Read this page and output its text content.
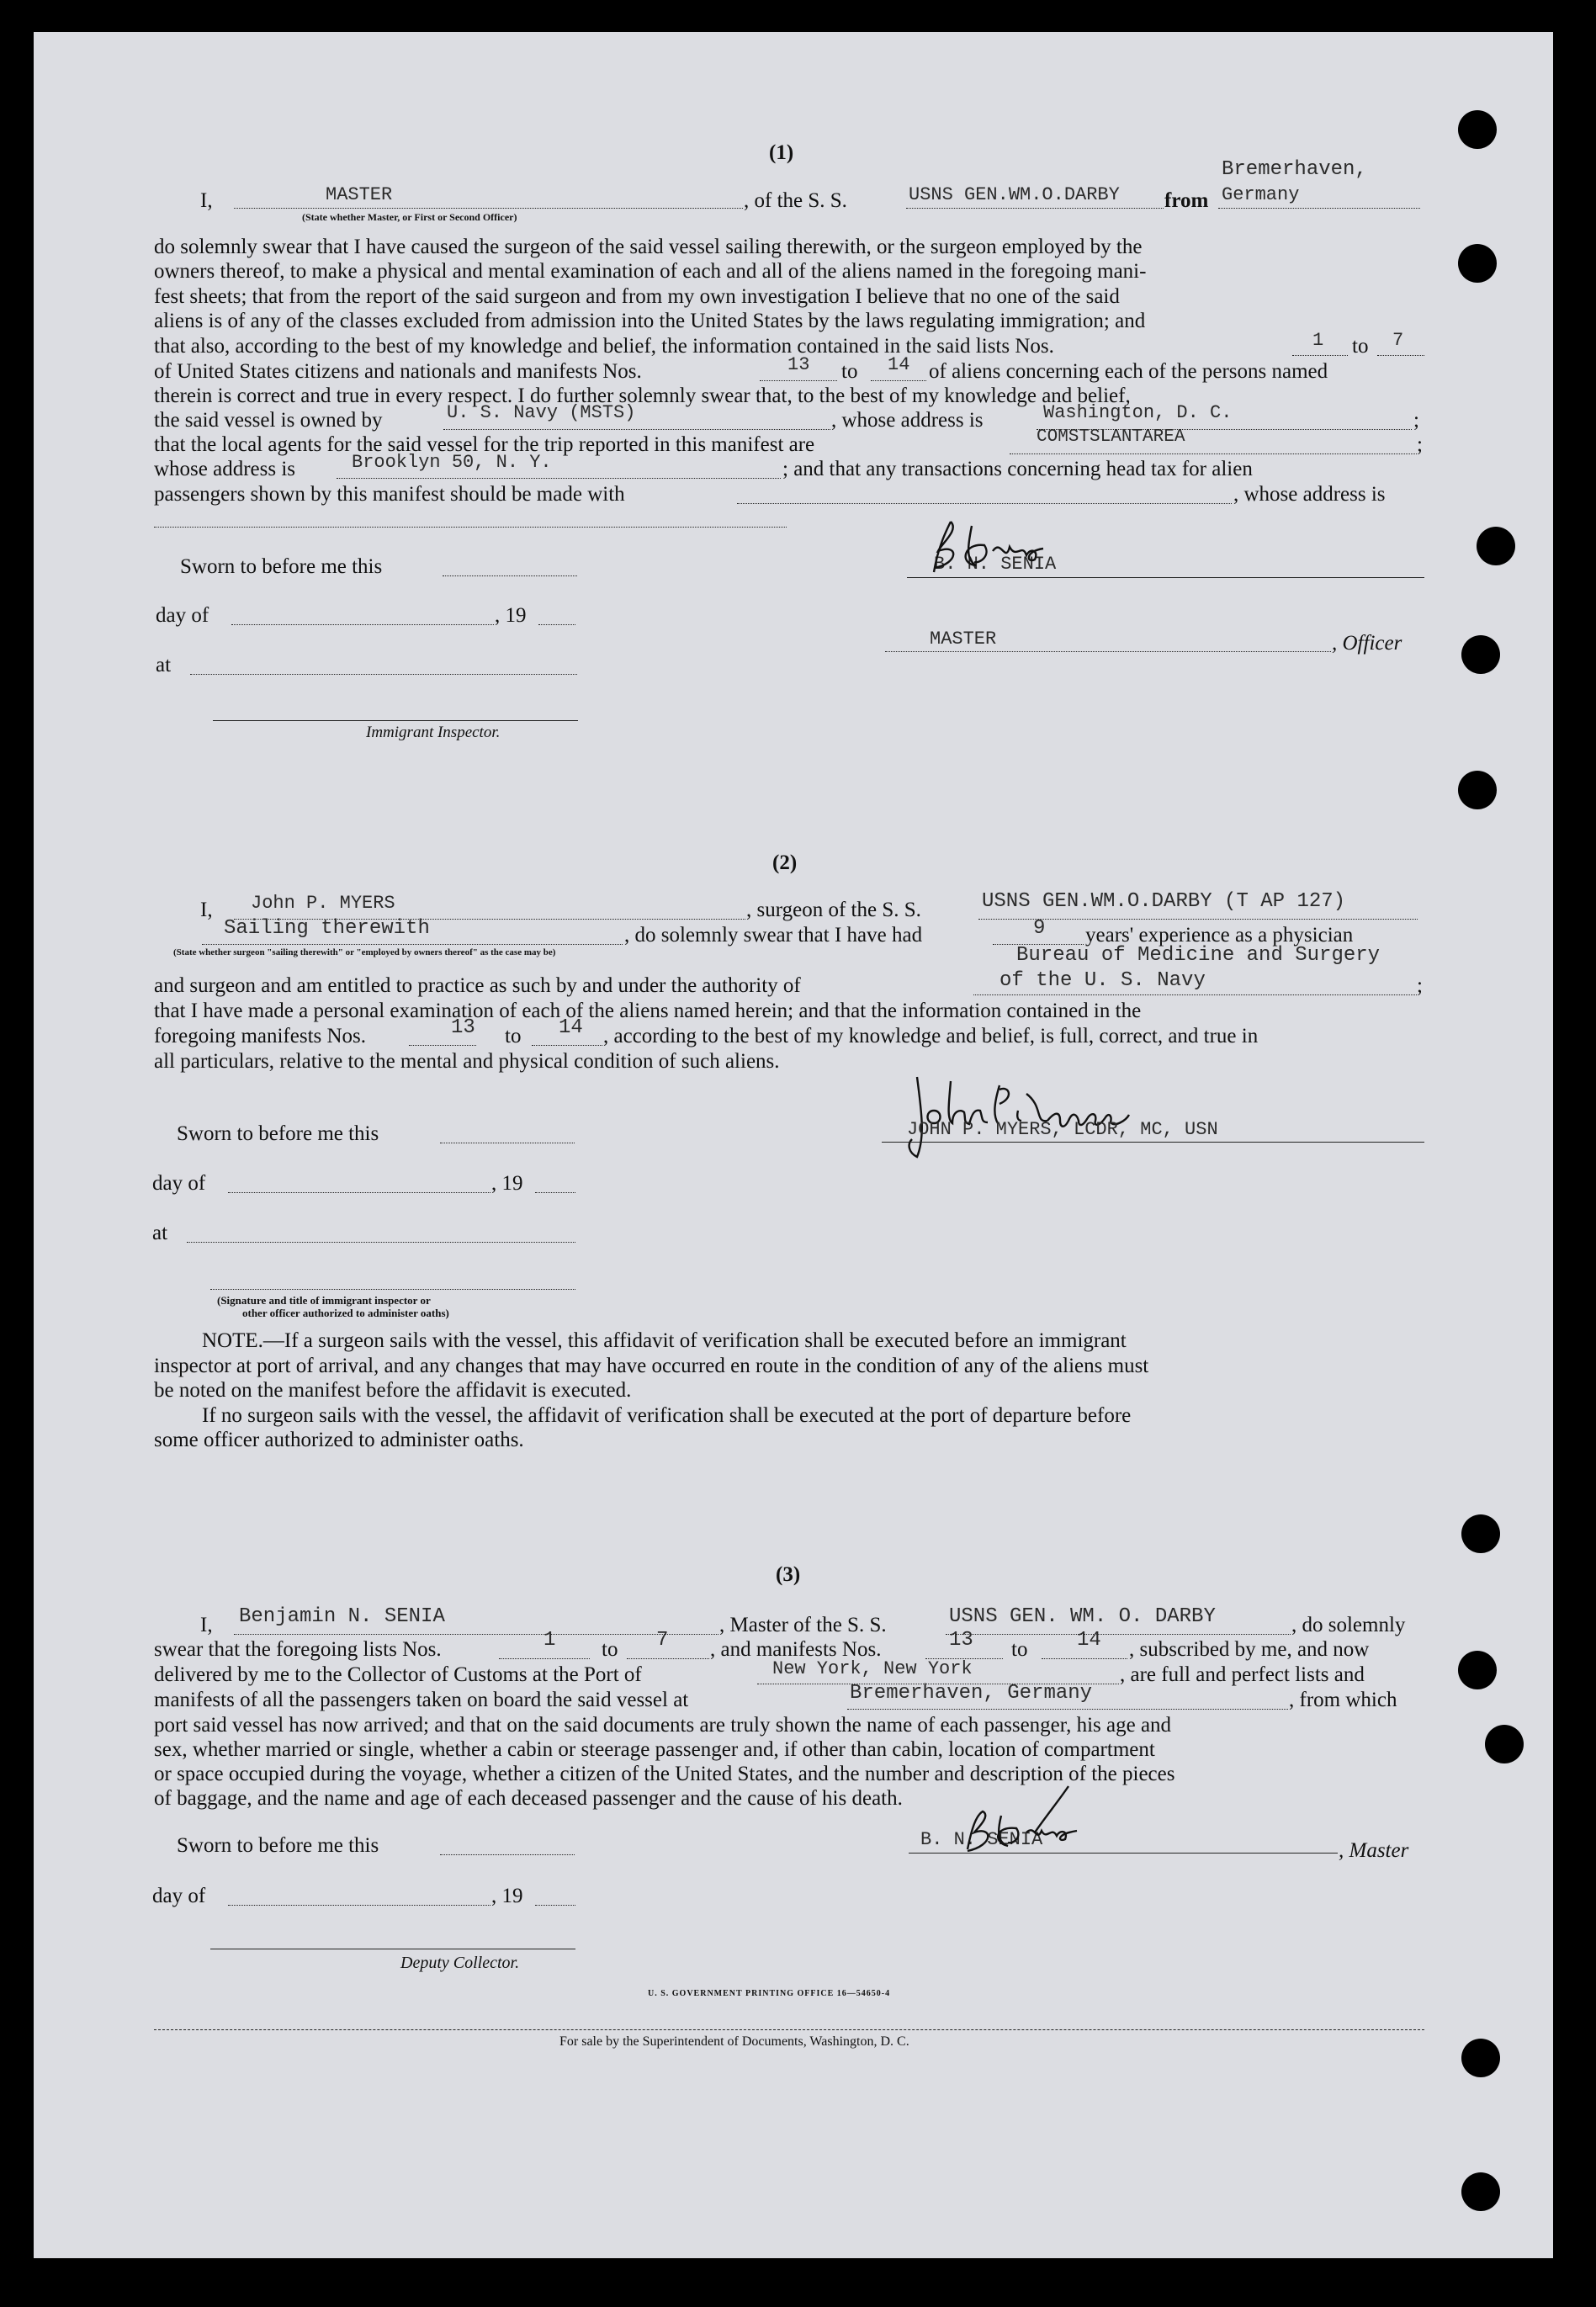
(1)
Bremerhaven,
I,	MASTER	, of the S. S.	USNS GEN.WM.O.DARBY from Germany
(State whether Master, or First or Second Officer)
do solemnly swear that I have caused the surgeon of the said vessel sailing therewith, or the surgeon employed by the
owners thereof, to make a physical and mental examination of each and all of the aliens named in the foregoing mani-
fest sheets; that from the report of the said surgeon and from my own investigation I believe that no one of the said
aliens is of any of the classes excluded from admission into the United States by the laws regulating immigration; and
that also, according to the best of my knowledge and belief, the information contained in the said lists Nos.	1 to 7
of United States citizens and nationals and manifests Nos.	13 to 14 of aliens concerning each of the persons named
therein is correct and true in every respect. I do further solemnly swear that, to the best of my knowledge and belief,
the said vessel is owned by	U. S. Navy (MSTS)	, whose address is	Washington, D. C.	;
that the local agents for the said vessel for the trip reported in this manifest are	COMSTSLANTAREA	;
whose address is	Brooklyn 50, N. Y.	; and that any transactions concerning head tax for alien
passengers shown by this manifest should be made with	, whose address is
Sworn to before me this
day of	, 19
at
Immigrant Inspector.
B. N. SENIA
MASTER	, Officer
(2)
I, John P. MYERS	, surgeon of the S. S.	USNS GEN.WM.O.DARBY (T AP 127)
Sailing therewith	, do solemnly swear that I have had	9 years' experience as a physician
(State whether surgeon "sailing therewith" or "employed by owners thereof" as the case may be)	Bureau of Medicine and Surgery
and surgeon and am entitled to practice as such by and under the authority of	of the U. S. Navy	;
that I have made a personal examination of each of the aliens named herein; and that the information contained in the
foregoing manifests Nos.	13 to 14 , according to the best of my knowledge and belief, is full, correct, and true in
all particulars, relative to the mental and physical condition of such aliens.
Sworn to before me this
day of	, 19
at
(Signature and title of immigrant inspector or
other officer authorized to administer oaths)
JOHN P. MYERS, LCDR, MC, USN
NOTE.—If a surgeon sails with the vessel, this affidavit of verification shall be executed before an immigrant
inspector at port of arrival, and any changes that may have occurred en route in the condition of any of the aliens must
be noted on the manifest before the affidavit is executed.
If no surgeon sails with the vessel, the affidavit of verification shall be executed at the port of departure before
some officer authorized to administer oaths.
(3)
I, Benjamin N. SENIA	, Master of the S. S.	USNS GEN. WM. O. DARBY	, do solemnly
swear that the foregoing lists Nos.	1 to 7 , and manifests Nos.	13 to 14 , subscribed by me, and now
delivered by me to the Collector of Customs at the Port of	New York, New York	, are full and perfect lists and
manifests of all the passengers taken on board the said vessel at	Bremerhaven, Germany	, from which
port said vessel has now arrived; and that on the said documents are truly shown the name of each passenger, his age and
sex, whether married or single, whether a cabin or steerage passenger and, if other than cabin, location of compartment
or space occupied during the voyage, whether a citizen of the United States, and the number and description of the pieces
of baggage, and the name and age of each deceased passenger and the cause of his death.
Sworn to before me this
day of	, 19
Deputy Collector.
B. N. SENIA	, Master
U. S. GOVERNMENT PRINTING OFFICE 16—54650-4
For sale by the Superintendent of Documents, Washington, D. C.
